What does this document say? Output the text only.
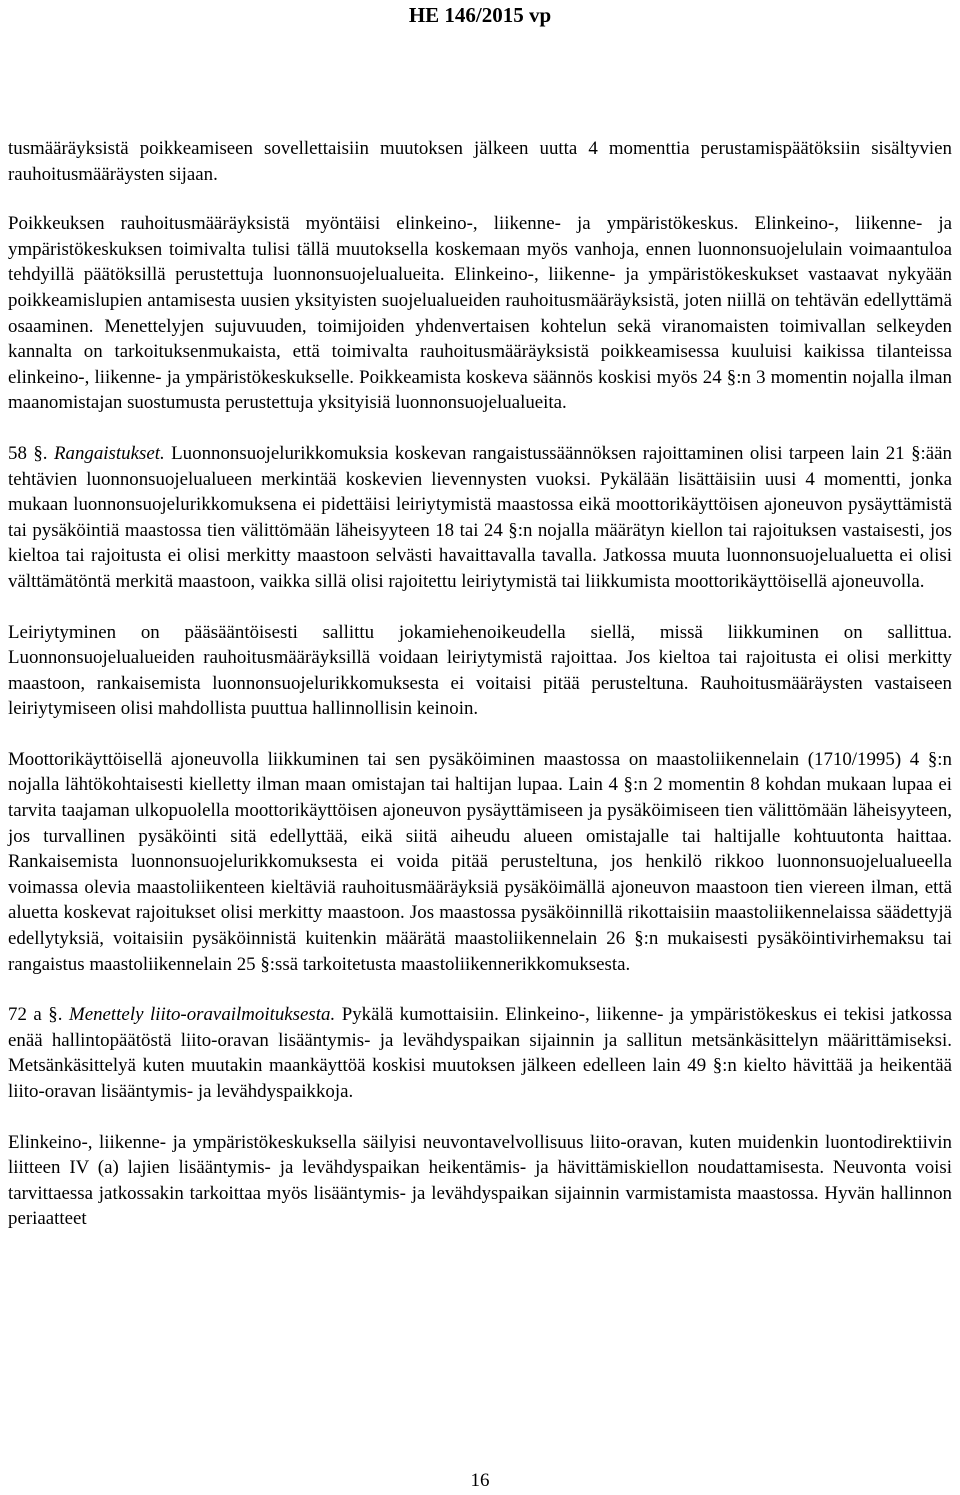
HE 146/2015 vp

tusmääräyksistä poikkeamiseen sovellettaisiin muutoksen jälkeen uutta 4 momenttia perustamispäätöksiin sisältyvien rauhoitusmääräysten sijaan.

Poikkeuksen rauhoitusmääräyksistä myöntäisi elinkeino-, liikenne- ja ympäristökeskus. Elinkeino-, liikenne- ja ympäristökeskuksen toimivalta tulisi tällä muutoksella koskemaan myös vanhoja, ennen luonnonsuojelulain voimaantuloa tehdyillä päätöksillä perustettuja luonnonsuojelualueita. Elinkeino-, liikenne- ja ympäristökeskukset vastaavat nykyään poikkeamislupien antamisesta uusien yksityisten suojelualueiden rauhoitusmääräyksistä, joten niillä on tehtävän edellyttämä osaaminen. Menettelyjen sujuvuuden, toimijoiden yhdenvertaisen kohtelun sekä viranomaisten toimivallan selkeyden kannalta on tarkoituksenmukaista, että toimivalta rauhoitusmääräyksistä poikkeamisessa kuuluisi kaikissa tilanteissa elinkeino-, liikenne- ja ympäristökeskukselle. Poikkeamista koskeva säännös koskisi myös 24 §:n 3 momentin nojalla ilman maanomistajan suostumusta perustettuja yksityisiä luonnonsuojelualueita.

58 §. Rangaistukset. Luonnonsuojelurikkomuksia koskevan rangaistussäännöksen rajoittaminen olisi tarpeen lain 21 §:ään tehtävien luonnonsuojelualueen merkintää koskevien lievennysten vuoksi. Pykälään lisättäisiin uusi 4 momentti, jonka mukaan luonnonsuojelurikkomuksena ei pidettäisi leiriytymistä maastossa eikä moottorikäyttöisen ajoneuvon pysäyttämistä tai pysäköintiä maastossa tien välittömään läheisyyteen 18 tai 24 §:n nojalla määrätyn kiellon tai rajoituksen vastaisesti, jos kieltoa tai rajoitusta ei olisi merkitty maastoon selvästi havaittavalla tavalla. Jatkossa muuta luonnonsuojelualuetta ei olisi välttämätöntä merkitä maastoon, vaikka sillä olisi rajoitettu leiriytymistä tai liikkumista moottorikäyttöisellä ajoneuvolla.

Leiriytyminen on pääsääntöisesti sallittu jokamiehenoikeudella siellä, missä liikkuminen on sallittua. Luonnonsuojelualueiden rauhoitusmääräyksillä voidaan leiriytymistä rajoittaa. Jos kieltoa tai rajoitusta ei olisi merkitty maastoon, rankaisemista luonnonsuojelurikkomuksesta ei voitaisi pitää perusteltuna. Rauhoitusmääräysten vastaiseen leiriytymiseen olisi mahdollista puuttua hallinnollisin keinoin.

Moottorikäyttöisellä ajoneuvolla liikkuminen tai sen pysäköiminen maastossa on maastoliikennelain (1710/1995) 4 §:n nojalla lähtökohtaisesti kielletty ilman maan omistajan tai haltijan lupaa. Lain 4 §:n 2 momentin 8 kohdan mukaan lupaa ei tarvita taajaman ulkopuolella moottorikäyttöisen ajoneuvon pysäyttämiseen ja pysäköimiseen tien välittömään läheisyyteen, jos turvallinen pysäköinti sitä edellyttää, eikä siitä aiheudu alueen omistajalle tai haltijalle kohtuutonta haittaa. Rankaisemista luonnonsuojelurikkomuksesta ei voida pitää perusteltuna, jos henkilö rikkoo luonnonsuojelualueella voimassa olevia maastoliikenteen kieltäviä rauhoitusmääräyksiä pysäköimällä ajoneuvon maastoon tien viereen ilman, että aluetta koskevat rajoitukset olisi merkitty maastoon. Jos maastossa pysäköinnillä rikottaisiin maastoliikennelaissa säädettyjä edellytyksiä, voitaisiin pysäköinnistä kuitenkin määrätä maastoliikennelain 26 §:n mukaisesti pysäköintivirhemaksu tai rangaistus maastoliikennelain 25 §:ssä tarkoitetusta maastoliikennerikkomuksesta.

72 a §. Menettely liito-oravailmoituksesta. Pykälä kumottaisiin. Elinkeino-, liikenne- ja ympäristökeskus ei tekisi jatkossa enää hallintopäätöstä liito-oravan lisääntymis- ja levähdyspaikan sijainnin ja sallitun metsänkäsittelyn määrittämiseksi. Metsänkäsittelyä kuten muutakin maankäyttöä koskisi muutoksen jälkeen edelleen lain 49 §:n kielto hävittää ja heikentää liito-oravan lisääntymis- ja levähdyspaikkoja.

Elinkeino-, liikenne- ja ympäristökeskuksella säilyisi neuvontavelvollisuus liito-oravan, kuten muidenkin luontodirektiivin liitteen IV (a) lajien lisääntymis- ja levähdyspaikan heikentämis- ja hävittämiskiellon noudattamisesta. Neuvonta voisi tarvittaessa jatkossakin tarkoittaa myös lisääntymis- ja levähdyspaikan sijainnin varmistamista maastossa. Hyvän hallinnon periaatteet

16
